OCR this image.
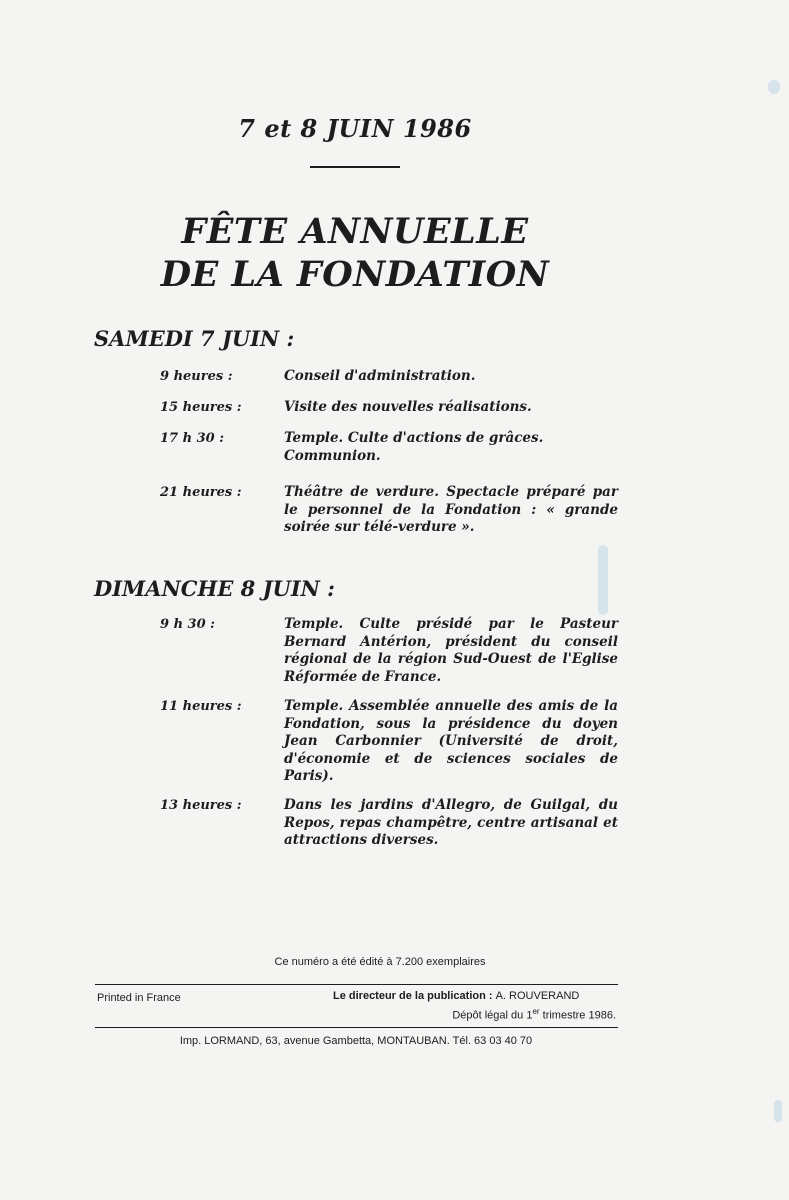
7 et 8 JUIN 1986
FÊTE ANNUELLE
DE LA FONDATION
SAMEDI 7 JUIN :
9 heures :	Conseil d'administration.
15 heures :	Visite des nouvelles réalisations.
17 h 30 :	Temple. Culte d'actions de grâces. Communion.
21 heures :	Théâtre de verdure. Spectacle préparé par le personnel de la Fondation : « grande soirée sur télé-verdure ».
DIMANCHE 8 JUIN :
9 h 30 :	Temple. Culte présidé par le Pasteur Bernard Antérion, président du conseil régional de la région Sud-Ouest de l'Eglise Réformée de France.
11 heures :	Temple. Assemblée annuelle des amis de la Fondation, sous la présidence du doyen Jean Carbonnier (Université de droit, d'économie et de sciences sociales de Paris).
13 heures :	Dans les jardins d'Allegro, de Guilgal, du Repos, repas champêtre, centre artisanal et attractions diverses.
Ce numéro a été édité à 7.200 exemplaires
Printed in France	Le directeur de la publication : A. ROUVERAND
Dépôt légal du 1er trimestre 1986.
Imp. LORMAND, 63, avenue Gambetta, MONTAUBAN. Tél. 63 03 40 70
